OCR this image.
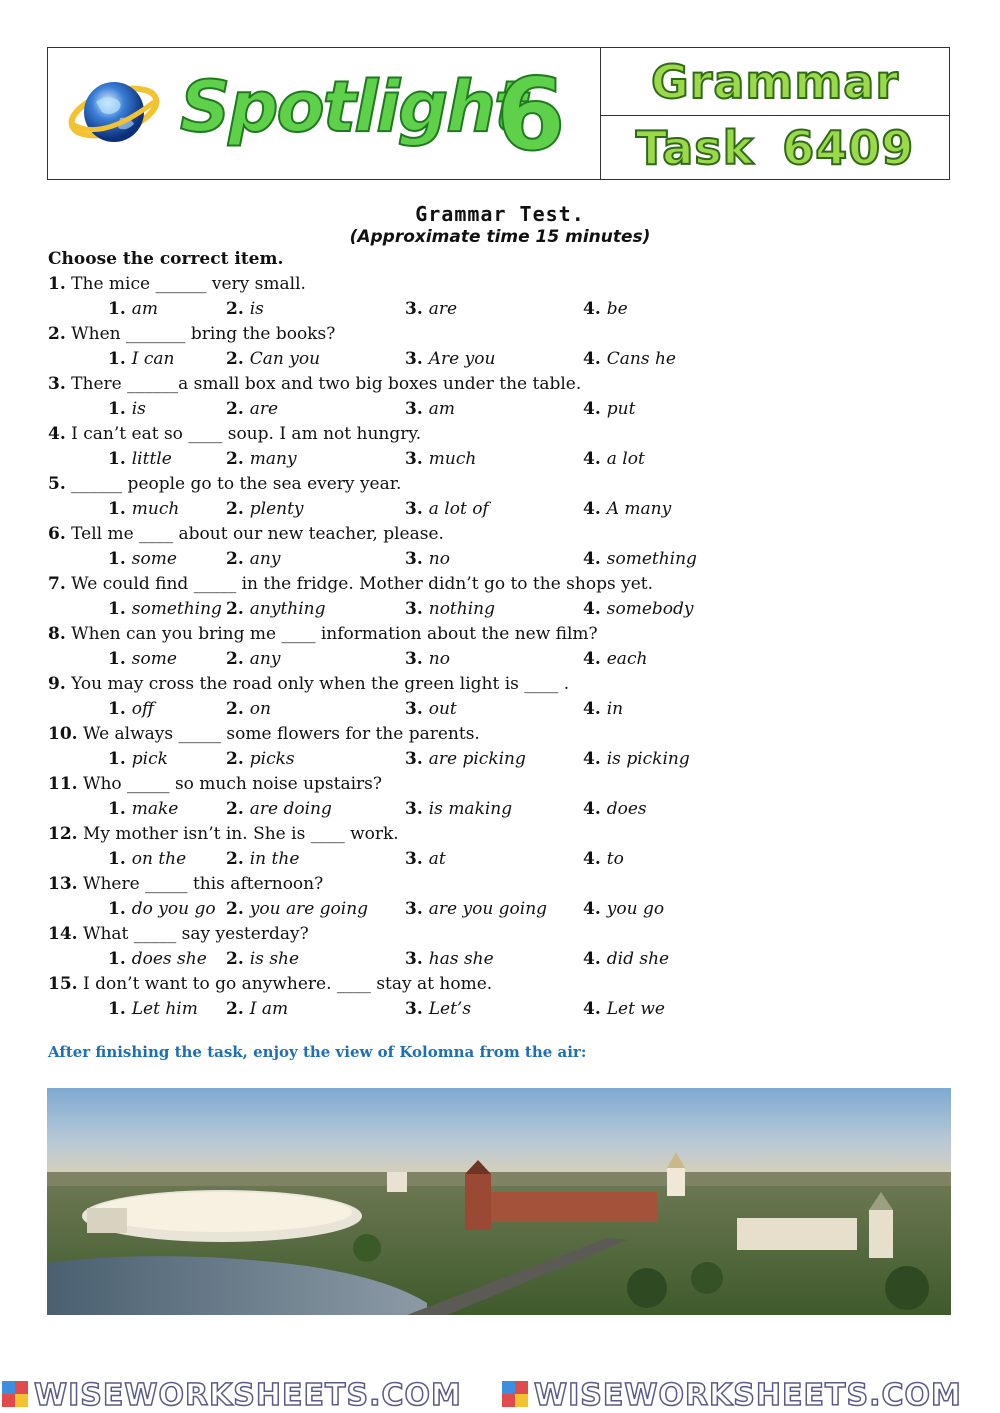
Spotlight
6 Grammar
Task 6409
Grammar Test.
(Approximate time 15 minutes)
Choose the correct item.
1. The mice ______ very small.
1. am	2. is	3. are	4. be
2. When _______ bring the books?
1. I can	2. Can you	3. Are you	4. Cans he
3. There ______a small box and two big boxes under the table.
1. is	2. are	3. am	4. put
4. I can’t eat so ____ soup. I am not hungry.
1. little	2. many	3. much	4. a lot
5. ______ people go to the sea every year.
1. much	2. plenty	3. a lot of	4. A many
6. Tell me ____ about our new teacher, please.
1. some	2. any	3. no	4. something
7. We could find _____ in the fridge. Mother didn’t go to the shops yet.
1. something 2. anything	3. nothing	4. somebody
8. When can you bring me ____ information about the new film?
1. some	2. any	3. no	4. each
9. You may cross the road only when the green light is ____ .
1. off	2. on	3. out	4. in
10. We always _____ some flowers for the parents.
1. pick	2. picks	3. are picking	4. is picking
11. Who _____ so much noise upstairs?
1. make	2. are doing	3. is making	4. does
12. My mother isn’t in. She is ____ work.
1. on the 2. in the	3. at	4. to
13. Where _____ this afternoon?
1. do you go 2. you are going 3. are you going 4. you go
14. What _____ say yesterday?
1. does she 2. is she	3. has she	4. did she
15. I don’t want to go anywhere. ____ stay at home.
1. Let him 2. I am	3. Let’s	4. Let we
After finishing the task, enjoy the view of Kolomna from the air:
WISEWORKSHEETS.COM WISEWORKSHEETS.COM
